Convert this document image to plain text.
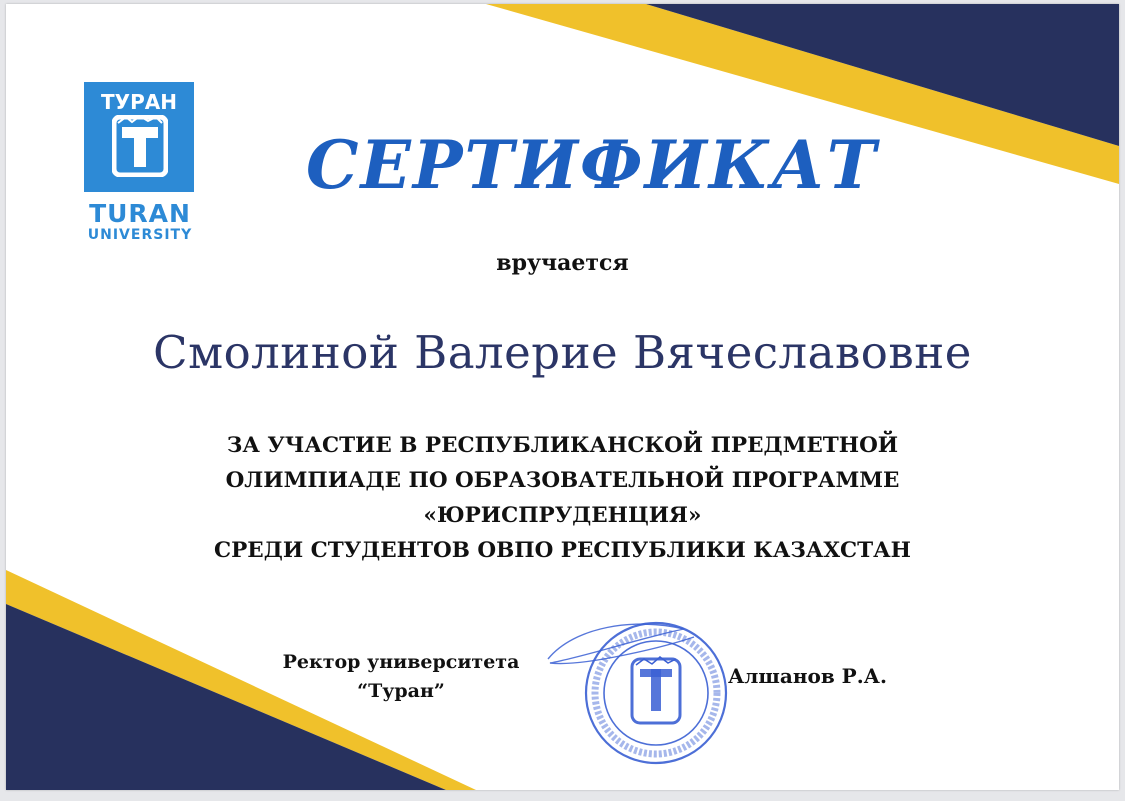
ТУРАН
TURAN
UNIVERSITY
СЕРТИФИКАТ
вручается
Смолиной Валерие Вячеславовне
ЗА УЧАСТИЕ В РЕСПУБЛИКАНСКОЙ ПРЕДМЕТНОЙ
ОЛИМПИАДЕ ПО ОБРАЗОВАТЕЛЬНОЙ ПРОГРАММЕ
«ЮРИСПРУДЕНЦИЯ»
СРЕДИ СТУДЕНТОВ ОВПО РЕСПУБЛИКИ КАЗАХСТАН
Ректор университета
“Туран”
Алшанов Р.А.
